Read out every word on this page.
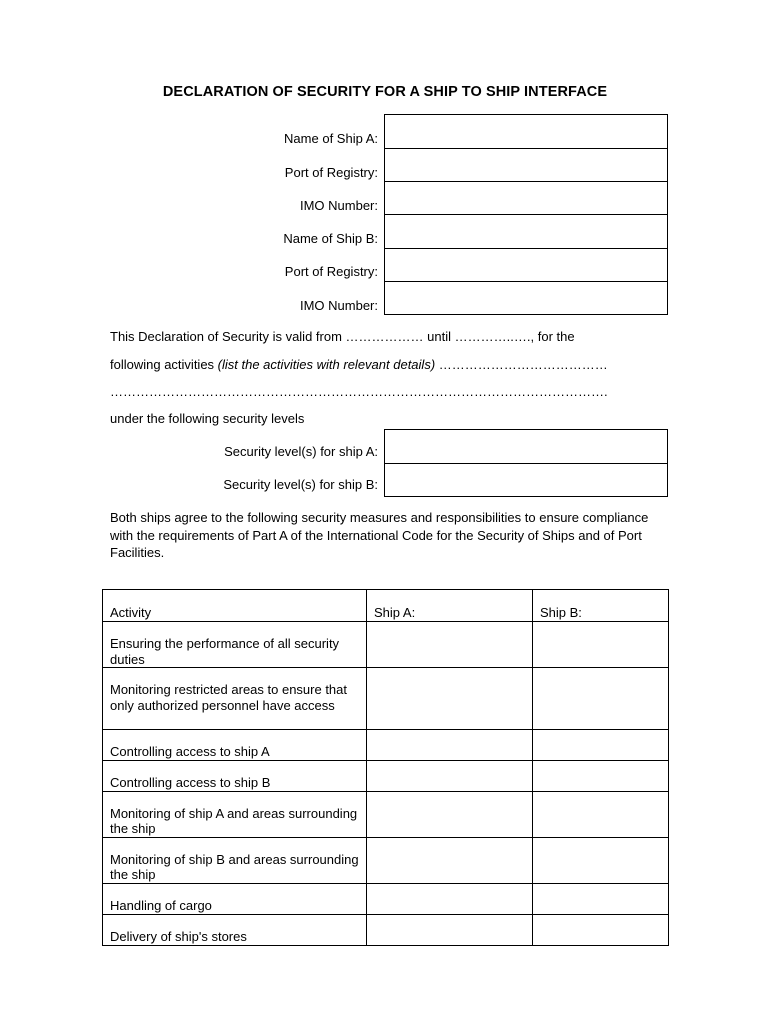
DECLARATION OF SECURITY FOR A SHIP TO SHIP INTERFACE
Name of Ship A:
Port of Registry:
IMO Number:
Name of Ship B:
Port of Registry:
IMO Number:
This Declaration of Security is valid from ……………… until …………..…., for the
following activities (list the activities with relevant details) …………………………………
…………………………………………………………………………………………………….
under the following security levels
Security level(s) for ship A:
Security level(s) for ship B:
Both ships agree to the following security measures and responsibilities to ensure compliance with the requirements of Part A of the International Code for the Security of Ships and of Port Facilities.
Activity	Ship A:	Ship B:
Ensuring the performance of all security duties		
Monitoring restricted areas to ensure that only authorized personnel have access		
Controlling access to ship A		
Controlling access to ship B		
Monitoring of ship A and areas surrounding the ship		
Monitoring of ship B and areas surrounding the ship		
Handling of cargo		
Delivery of ship's stores		
